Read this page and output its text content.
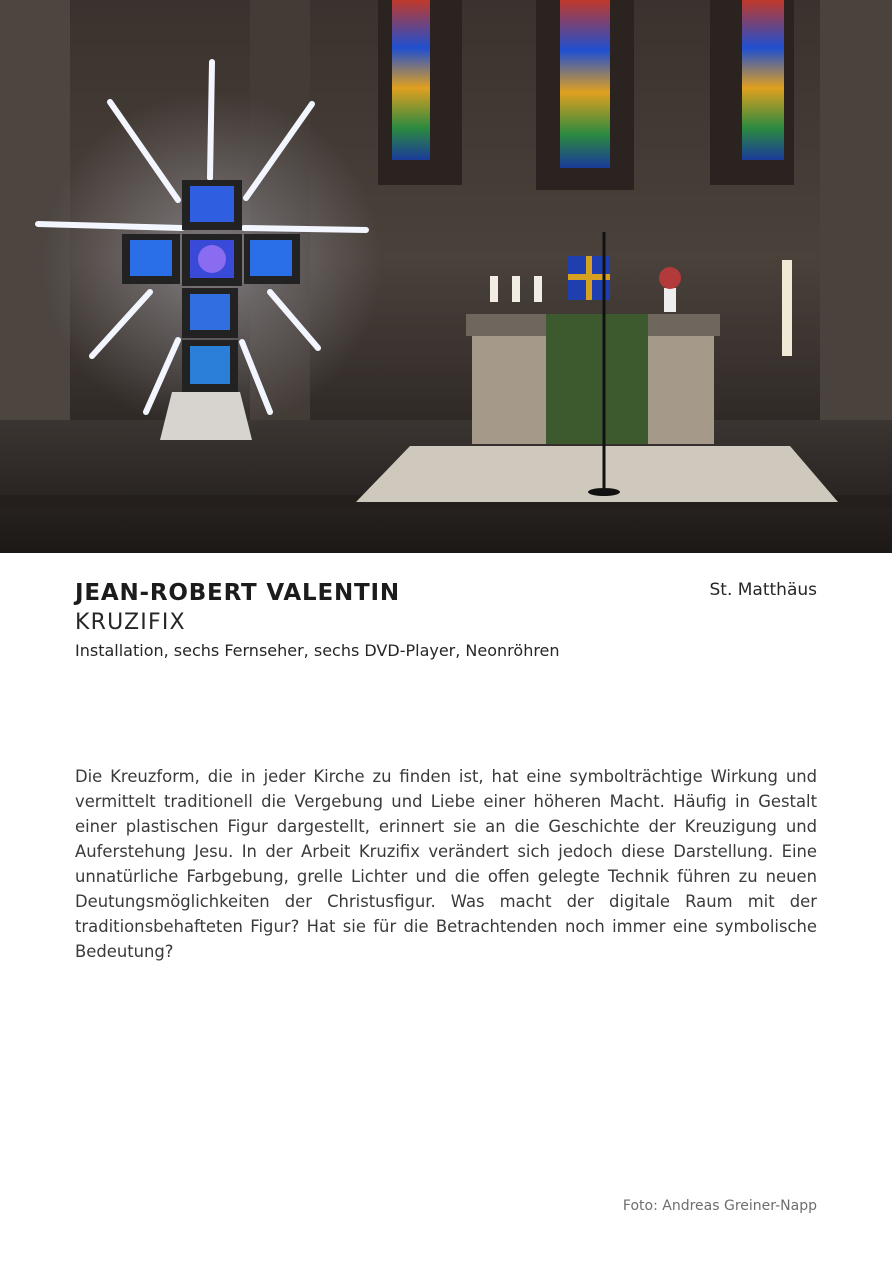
JEAN-ROBERT VALENTIN
KRUZIFIX
Installation, sechs Fernseher, sechs DVD-Player, Neonröhren
St. Matthäus

Die Kreuzform, die in jeder Kirche zu finden ist, hat eine symbolträchtige Wirkung und vermittelt traditionell die Vergebung und Liebe einer höheren Macht. Häufig in Gestalt einer plastischen Figur dargestellt, erinnert sie an die Geschichte der Kreuzigung und Auferstehung Jesu. In der Arbeit Kruzifix verändert sich jedoch diese Darstellung. Eine unnatürliche Farbgebung, grelle Lichter und die offen gelegte Technik führen zu neuen Deutungsmöglichkeiten der Christusfigur. Was macht der digitale Raum mit der traditionsbehafteten Figur? Hat sie für die Betrachtenden noch immer eine symbolische Bedeutung?

Foto: Andreas Greiner-Napp
